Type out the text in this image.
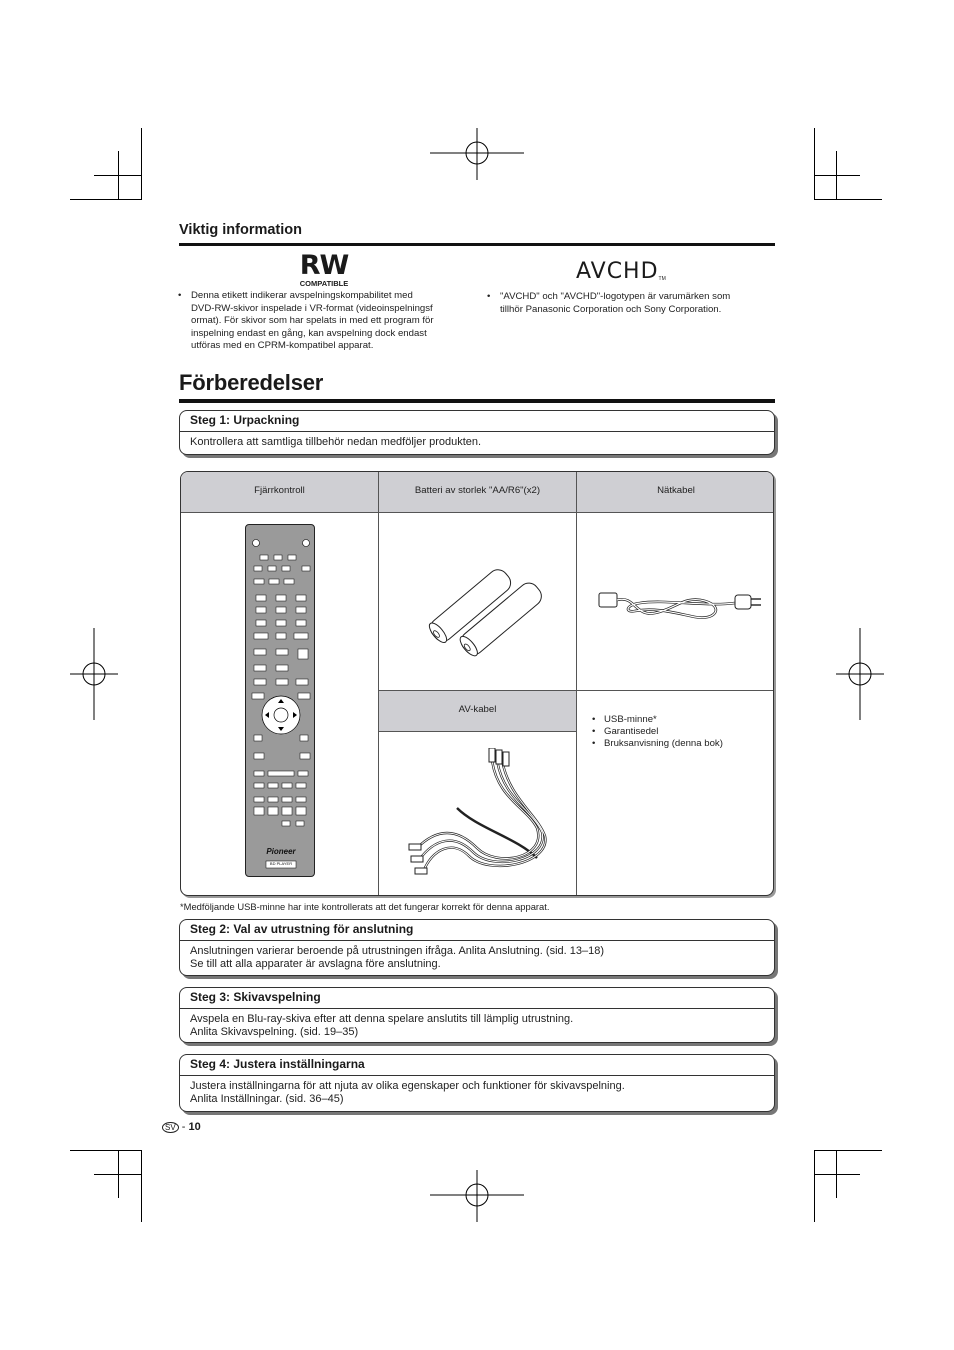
Viktig information
RW
COMPATIBLE	AVCHDTM
• Denna etikett indikerar avspelningskompabilitet med
DVD-RW-skivor inspelade i VR-format (videoinspelningsf
ormat). För skivor som har spelats in med ett program för
inspelning endast en gång, kan avspelning dock endast
utföras med en CPRM-kompatibel apparat.
• "AVCHD" och "AVCHD"-logotypen är varumärken som
tillhör Panasonic Corporation och Sony Corporation.
Förberedelser
Steg 1: Urpackning
Kontrollera att samtliga tillbehör nedan medföljer produkten.
Fjärrkontroll	Batteri av storlek "AA/R6"(x2)	Nätkabel
AV-kabel
• USB-minne*
• Garantisedel
• Bruksanvisning (denna bok)
Pioneer
BD PLAYER
*Medföljande USB-minne har inte kontrollerats att det fungerar korrekt för denna apparat.
Steg 2: Val av utrustning för anslutning
Anslutningen varierar beroende på utrustningen ifråga. Anlita Anslutning. (sid. 13–18)
Se till att alla apparater är avslagna före anslutning.
Steg 3: Skivavspelning
Avspela en Blu-ray-skiva efter att denna spelare anslutits till lämplig utrustning.
Anlita Skivavspelning. (sid. 19–35)
Steg 4: Justera inställningarna
Justera inställningarna för att njuta av olika egenskaper och funktioner för skivavspelning.
Anlita Inställningar. (sid. 36–45)
SV - 10
